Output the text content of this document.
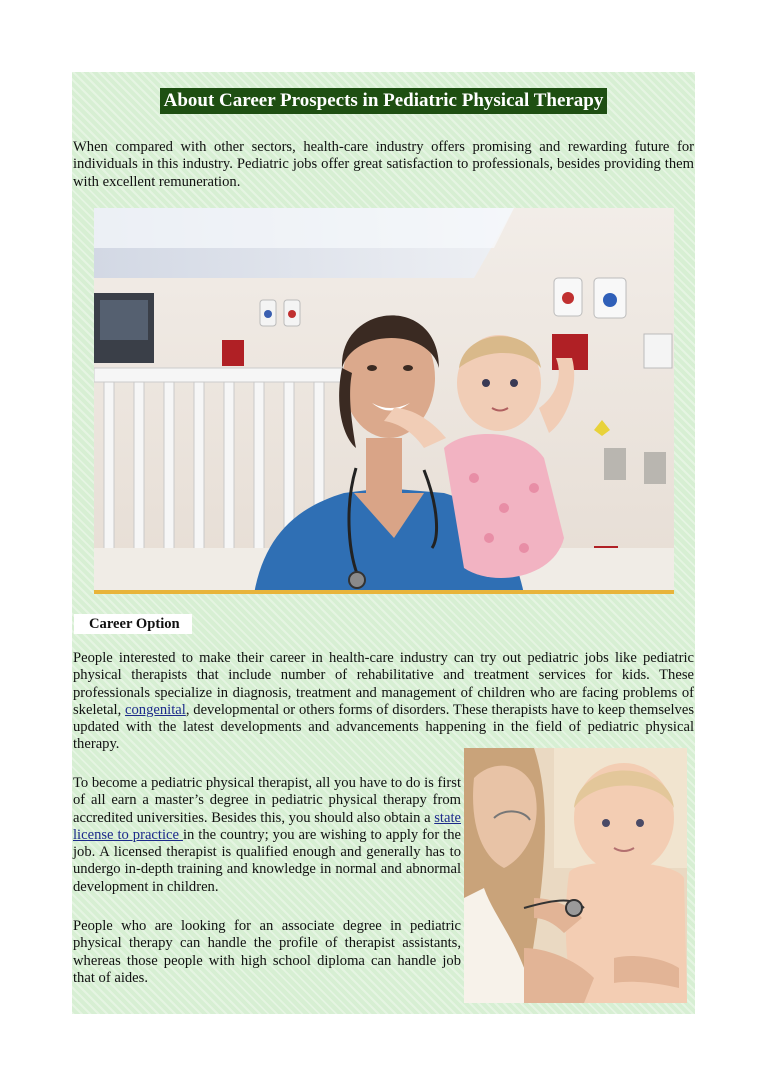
About Career Prospects in Pediatric Physical Therapy

When compared with other sectors, health-care industry offers promising and rewarding future for individuals in this industry. Pediatric jobs offer great satisfaction to professionals, besides providing them with excellent remuneration.

Career Option

People interested to make their career in health-care industry can try out pediatric jobs like pediatric physical therapists that include number of rehabilitative and treatment services for kids. These professionals specialize in diagnosis, treatment and management of children who are facing problems of skeletal, congenital, developmental or others forms of disorders. These therapists have to keep themselves updated with the latest developments and advancements happening in the field of pediatric physical therapy.

To become a pediatric physical therapist, all you have to do is first of all earn a master’s degree in pediatric physical therapy from accredited universities. Besides this, you should also obtain a state license to practice in the country; you are wishing to apply for the job. A licensed therapist is qualified enough and generally has to undergo in-depth training and knowledge in normal and abnormal development in children.

People who are looking for an associate degree in pediatric physical therapy can handle the profile of therapist assistants, whereas those people with high school diploma can handle job that of aides.
